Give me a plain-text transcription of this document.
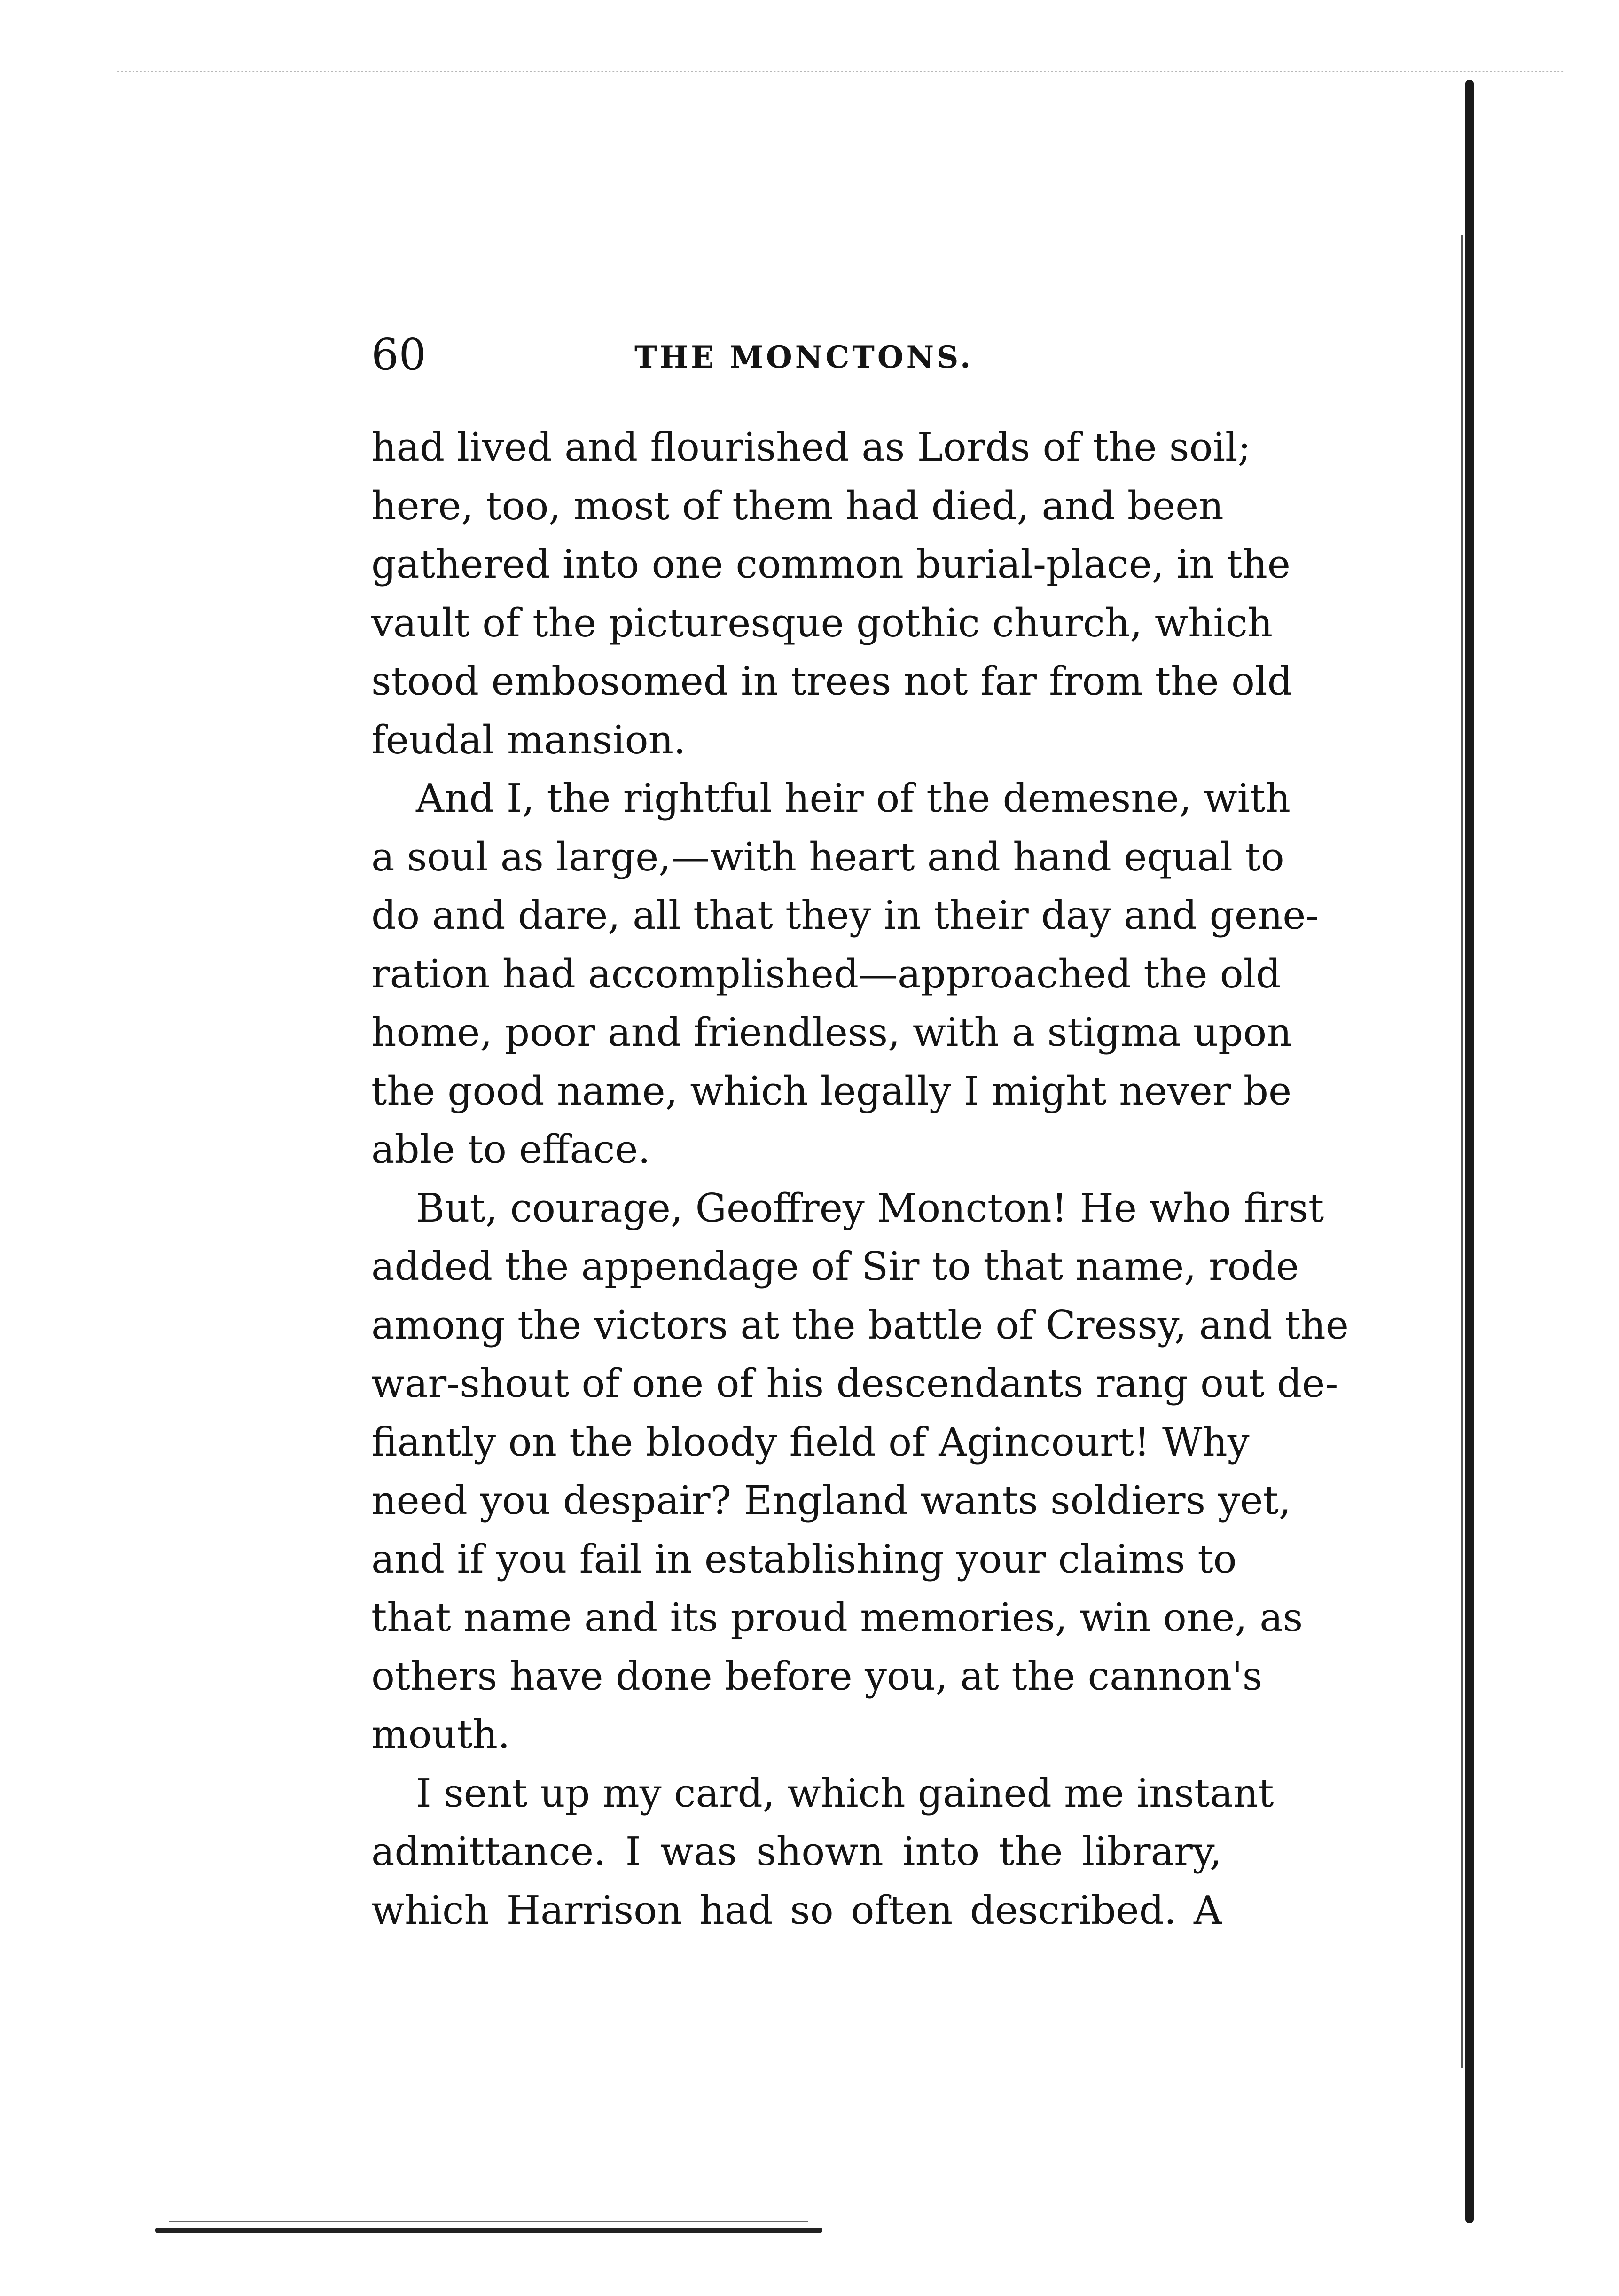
60	THE MONCTONS.

had lived and flourished as Lords of the soil;
here, too, most of them had died, and been
gathered into one common burial-place, in the
vault of the picturesque gothic church, which
stood embosomed in trees not far from the old
feudal mansion.

And I, the rightful heir of the demesne, with
a soul as large,—with heart and hand equal to
do and dare, all that they in their day and gene-
ration had accomplished—approached the old
home, poor and friendless, with a stigma upon
the good name, which legally I might never be
able to efface.

But, courage, Geoffrey Moncton! He who first
added the appendage of Sir to that name, rode
among the victors at the battle of Cressy, and the
war-shout of one of his descendants rang out de-
fiantly on the bloody field of Agincourt! Why
need you despair? England wants soldiers yet,
and if you fail in establishing your claims to
that name and its proud memories, win one, as
others have done before you, at the cannon's
mouth.

I sent up my card, which gained me instant
admittance. I was shown into the library,
which Harrison had so often described. A
